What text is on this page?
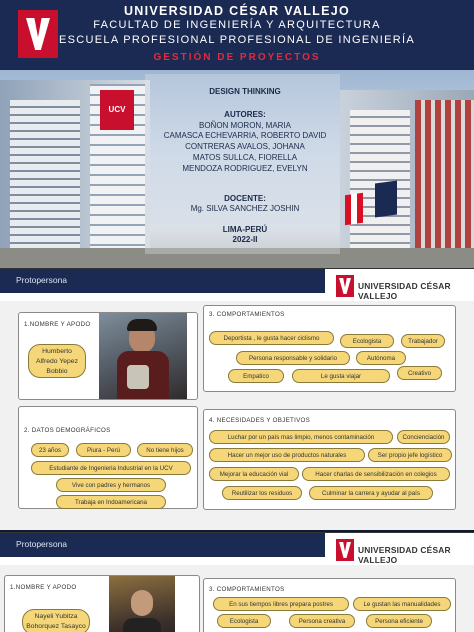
UCV
UNIVERSIDAD CÉSAR VALLEJO
FACULTAD DE INGENIERÍA Y ARQUITECTURA
ESCUELA PROFESIONAL PROFESIONAL DE INGENIERÍA
GESTIÓN DE PROYECTOS
DESIGN THINKING
AUTORES:
BOÑON MORON, MARIA
CAMASCA ECHEVARRIA, ROBERTO DAVID
CONTRERAS AVALOS, JOHANA
MATOS SULLCA, FIORELLA
MENDOZA RODRIGUEZ, EVELYN
DOCENTE:
Mg. SILVA SANCHEZ JOSHIN
LIMA-PERÚ
2022-II
Protopersona
UNIVERSIDAD CÉSAR VALLEJO
1.NOMBRE Y APODO
Humberto
Alfredo Yepez
Bobbio
2. DATOS DEMOGRÁFICOS
23 años	Piura - Perú	No tiene hijos
Estudiante de Ingenieria Industrial en la UCV
Vive con padres y hermanos
Trabaja en Indoamericana
3. COMPORTAMIENTOS
Deportista , le gusta hacer ciclismo	Ecologista	Trabajador
Persona responsable y solidario	Autónoma
Empatico	Le gusta viajar	Creativo
4. NECESIDADES Y OBJETIVOS
Luchar por un país mas limpio, menos contaminación	Concienciación
Hacer un mejor uso de productos naturales	Ser propio jefe logístico
Mejorar la educación vial	Hacer charlas de sensibilización en colegios
Reutilizar los residuos	Culminar la carrera y ayudar al país
Protopersona
UNIVERSIDAD CÉSAR VALLEJO
1.NOMBRE Y APODO
Nayeli Yubitza
Bohorquez Tasayco
3. COMPORTAMIENTOS
En sus tiempos libres prepara postres	Le gustan las manualidades
Ecologista	Persona creativa	Persona eficiente
